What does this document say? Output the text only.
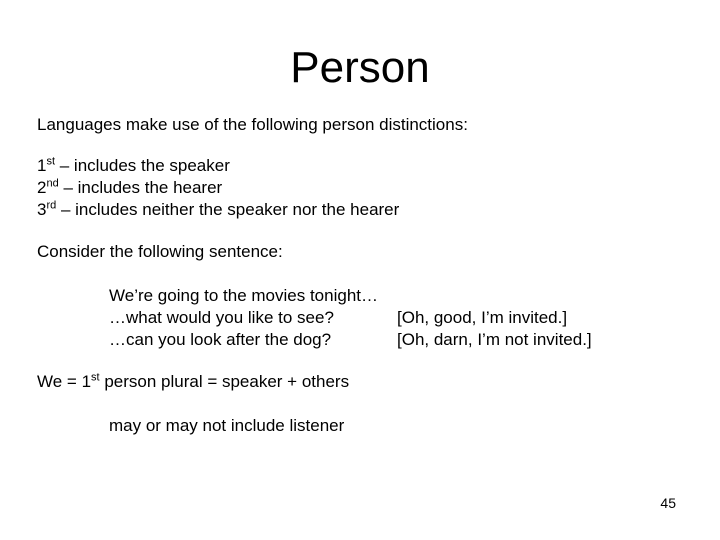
Person
Languages make use of the following person distinctions:
1st – includes the speaker
2nd – includes the hearer
3rd – includes neither the speaker nor the hearer
Consider the following sentence:
We’re going to the movies tonight…
…what would you like to see?	[Oh, good, I’m invited.]
…can you look after the dog?	[Oh, darn, I’m not invited.]
We = 1st person plural = speaker + others
may or may not include listener
45
